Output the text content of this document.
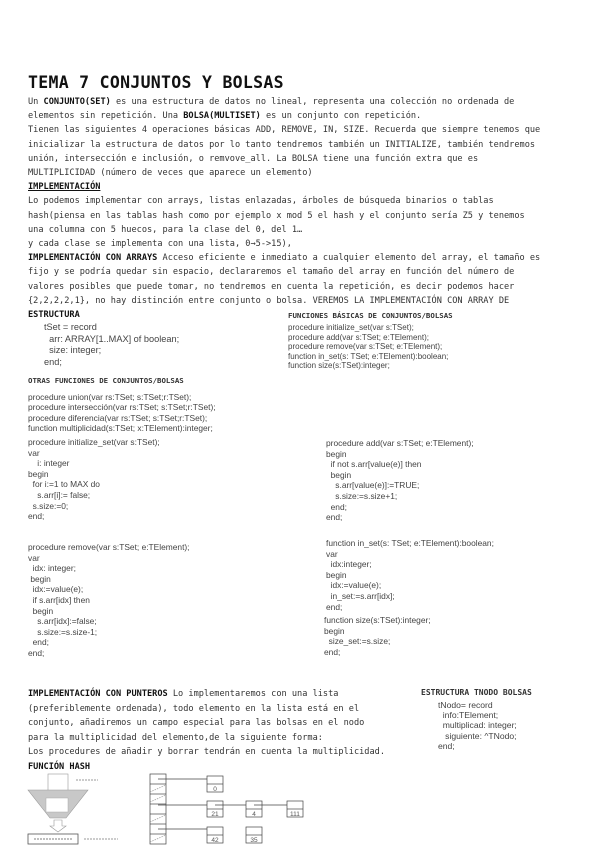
TEMA 7 CONJUNTOS Y BOLSAS
Un CONJUNTO(SET) es una estructura de datos no lineal, representa una colección no ordenada de
elementos sin repetición. Una BOLSA(MULTISET) es un conjunto con repetición.
Tienen las siguientes 4 operaciones básicas ADD, REMOVE, IN, SIZE. Recuerda que siempre tenemos que
inicializar la estructura de datos por lo tanto tendremos también un INITIALIZE, también tendremos
unión, intersección e inclusión, o remvove_all. La BOLSA tiene una función extra que es
MULTIPLICIDAD (número de veces que aparece un elemento)
IMPLEMENTACIÓN
Lo podemos implementar con arrays, listas enlazadas, árboles de búsqueda binarios o tablas
hash(piensa en las tablas hash como por ejemplo x mod 5 el hash y el conjunto sería Z5 y tenemos
una columna con 5 huecos, para la clase del 0, del 1…
y cada clase se implementa con una lista, 0→5->15),
IMPLEMENTACIÓN CON ARRAYS Acceso eficiente e inmediato a cualquier elemento del array, el tamaño es
fijo y se podría quedar sin espacio, declararemos el tamaño del array en función del número de
valores posibles que puede tomar, no tendremos en cuenta la repetición, es decir podemos hacer
{2,2,2,2,1}, no hay distinción entre conjunto o bolsa. VEREMOS LA IMPLEMENTACIÓN CON ARRAY DE
ESTRUCTURA
tSet = record
arr: ARRAY[1..MAX] of boolean;
size: integer;
end;
FUNCIONES BÁSICAS DE CONJUNTOS/BOLSAS
procedure initialize_set(var s:TSet);
procedure add(var s:TSet; e:TElement);
procedure remove(var s:TSet; e:TElement);
function in_set(s: TSet; e:TElement):boolean;
function size(s:TSet):integer;
OTRAS FUNCIONES DE CONJUNTOS/BOLSAS
procedure union(var rs:TSet; s:TSet;r:TSet);
procedure intersección(var rs:TSet; s:TSet;r:TSet);
procedure diferencia(var rs:TSet; s:TSet;r:TSet);
function multiplicidad(s:TSet; x:TElement):integer;
procedure initialize_set(var s:TSet);
var
i: integer
begin
for i:=1 to MAX do
s.arr[i]:= false;
s.size:=0;
end;
procedure remove(var s:TSet; e:TElement);
var
idx: integer;
begin
idx:=value(e);
if s.arr[idx] then
begin
s.arr[idx]:=false;
s.size:=s.size-1;
end;
end;
procedure add(var s:TSet; e:TElement);
begin
if not s.arr[value(e)] then
begin
s.arr[value(e)]:=TRUE;
s.size:=s.size+1;
end;
end;
function in_set(s: TSet; e:TElement):boolean;
var
idx:integer;
begin
idx:=value(e);
in_set:=s.arr[idx];
end;
function size(s:TSet):integer;
begin
size_set:=s.size;
end;
IMPLEMENTACIÓN CON PUNTEROS Lo implementaremos con una lista
(preferiblemente ordenada), todo elemento en la lista está en el
conjunto, añadiremos un campo especial para las bolsas en el nodo
para la multiplicidad del elemento,de la siguiente forma:
Los procedures de añadir y borrar tendrán en cuenta la multiplicidad.
FUNCIÓN HASH
ESTRUCTURA TNODO BOLSAS
tNodo= record
info:TElement;
multiplicad: integer;
siguiente: ^TNodo;
end;
0
21	4	111
42	35
